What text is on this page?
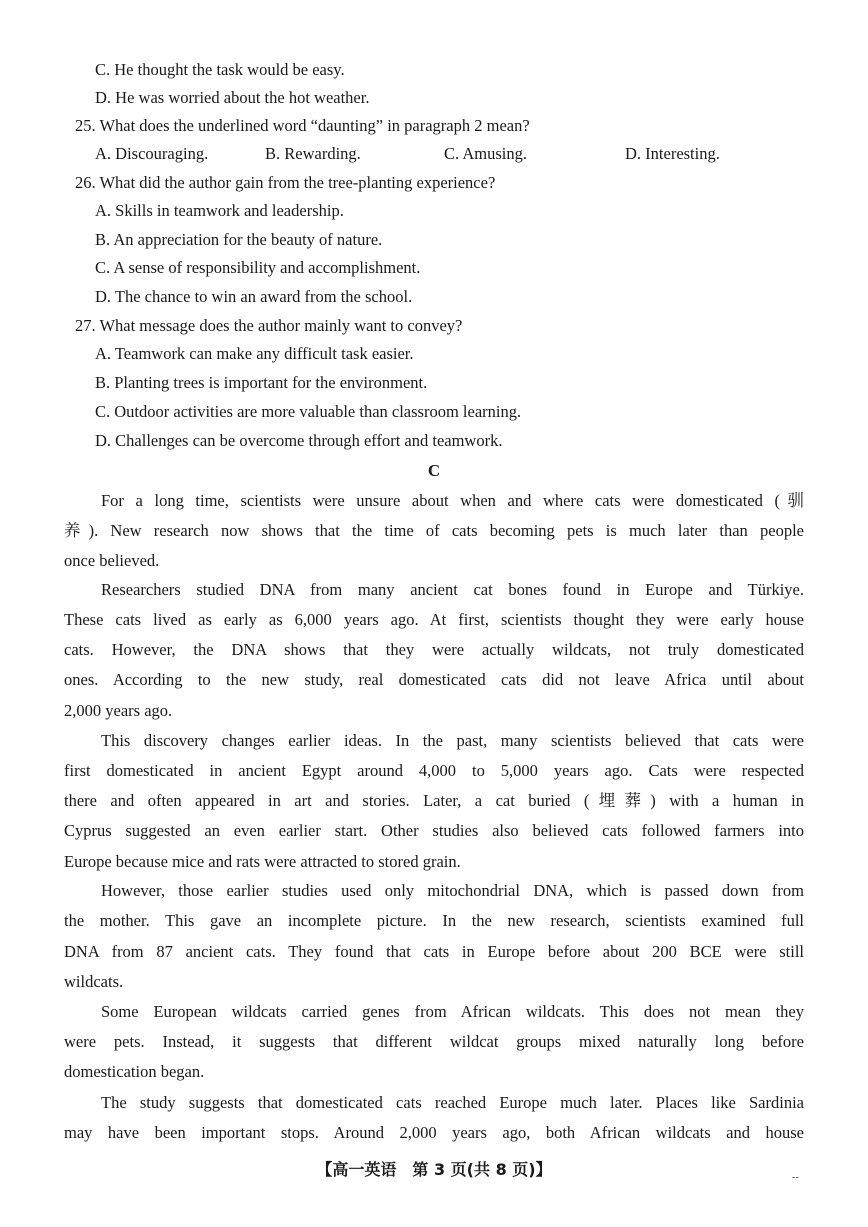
C. He thought the task would be easy.
D. He was worried about the hot weather.
25. What does the underlined word “daunting” in paragraph 2 mean?
A. Discouraging.	B. Rewarding.	C. Amusing.	D. Interesting.
26. What did the author gain from the tree-planting experience?
A. Skills in teamwork and leadership.
B. An appreciation for the beauty of nature.
C. A sense of responsibility and accomplishment.
D. The chance to win an award from the school.
27. What message does the author mainly want to convey?
A. Teamwork can make any difficult task easier.
B. Planting trees is important for the environment.
C. Outdoor activities are more valuable than classroom learning.
D. Challenges can be overcome through effort and teamwork.
C
For a long time, scientists were unsure about when and where cats were domesticated (驯
养). New research now shows that the time of cats becoming pets is much later than people
once believed.
Researchers studied DNA from many ancient cat bones found in Europe and Türkiye.
These cats lived as early as 6,000 years ago. At first, scientists thought they were early house
cats. However, the DNA shows that they were actually wildcats, not truly domesticated
ones. According to the new study, real domesticated cats did not leave Africa until about
2,000 years ago.
This discovery changes earlier ideas. In the past, many scientists believed that cats were
first domesticated in ancient Egypt around 4,000 to 5,000 years ago. Cats were respected
there and often appeared in art and stories. Later, a cat buried (埋葬) with a human in
Cyprus suggested an even earlier start. Other studies also believed cats followed farmers into
Europe because mice and rats were attracted to stored grain.
However, those earlier studies used only mitochondrial DNA, which is passed down from
the mother. This gave an incomplete picture. In the new research, scientists examined full
DNA from 87 ancient cats. They found that cats in Europe before about 200 BCE were still
wildcats.
Some European wildcats carried genes from African wildcats. This does not mean they
were pets. Instead, it suggests that different wildcat groups mixed naturally long before
domestication began.
The study suggests that domesticated cats reached Europe much later. Places like Sardinia
may have been important stops. Around 2,000 years ago, both African wildcats and house
【高一英语　第 3 页(共 8 页)】	--
